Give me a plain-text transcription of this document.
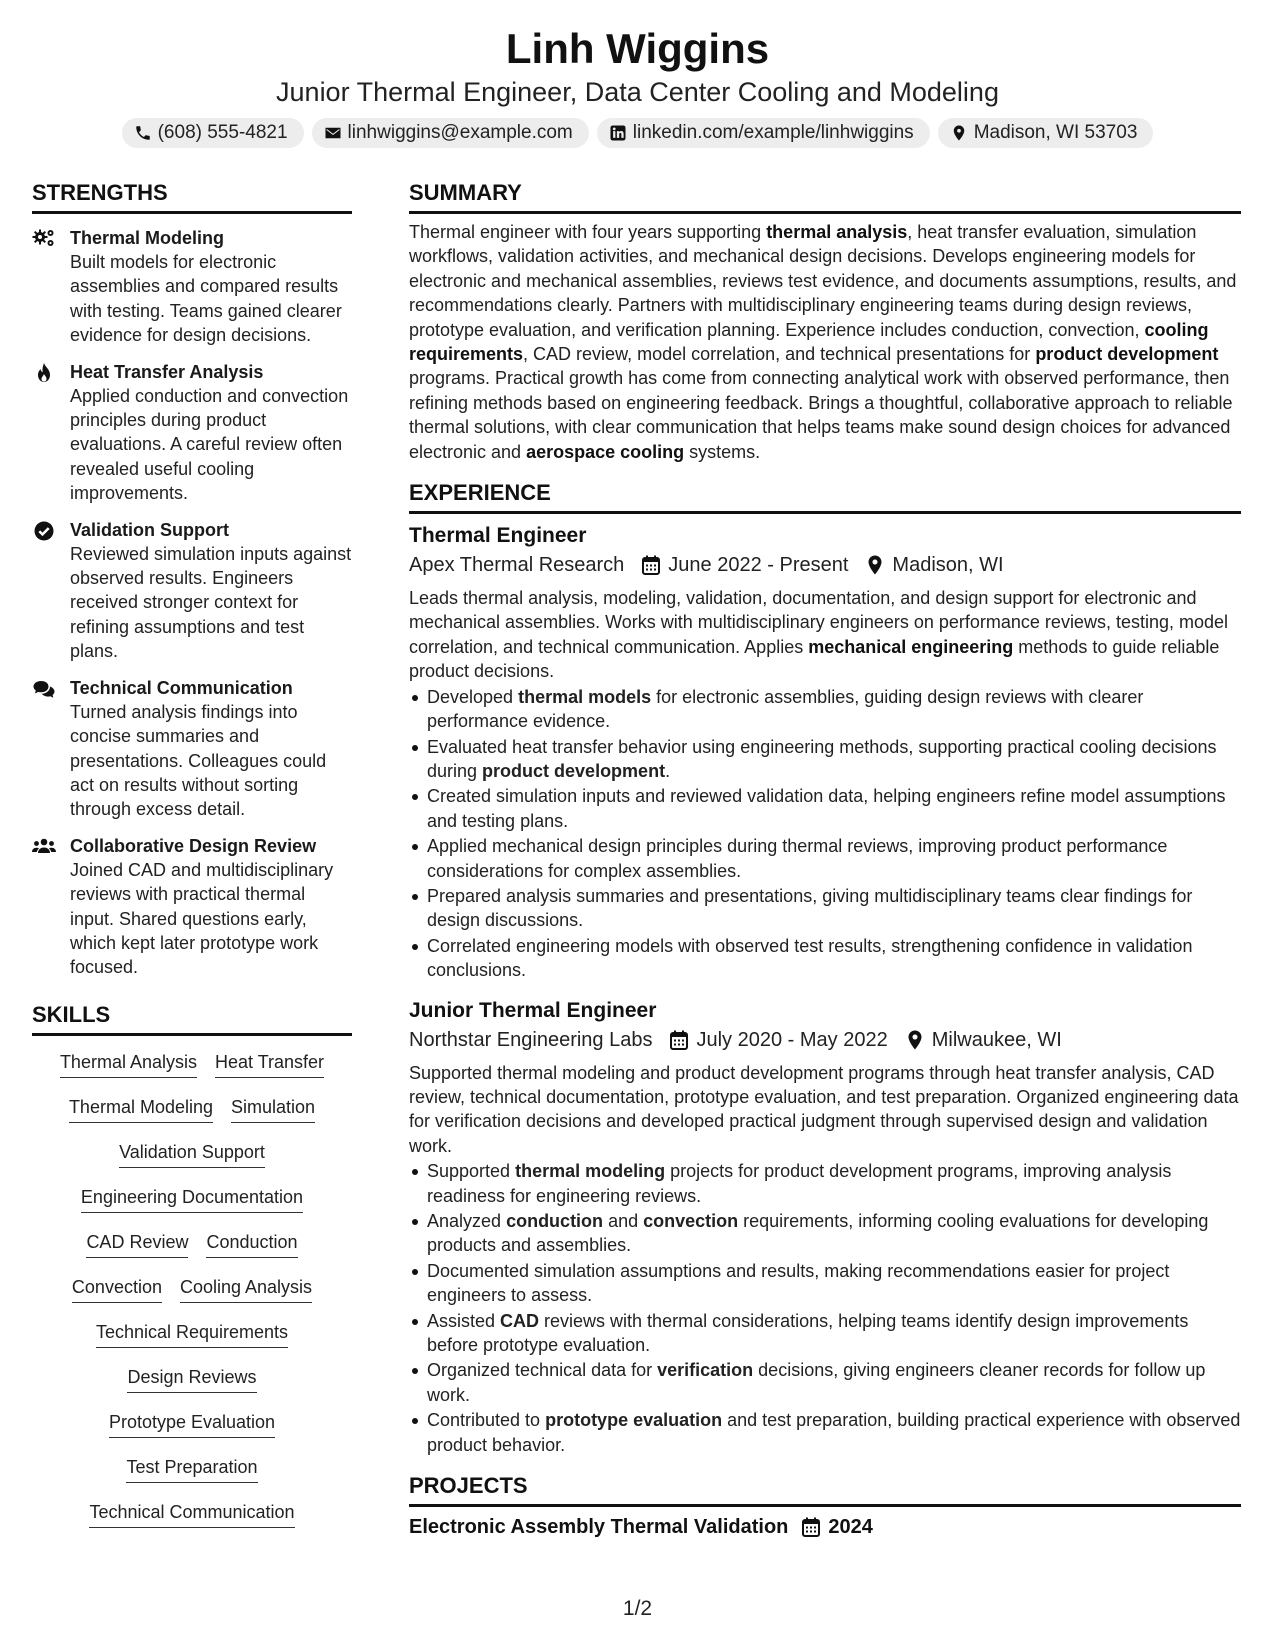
Linh Wiggins
Junior Thermal Engineer, Data Center Cooling and Modeling
(608) 555-4821	linhwiggins@example.com	linkedin.com/example/linhwiggins	Madison, WI 53703
STRENGTHS
Thermal Modeling
Built models for electronic assemblies and compared results with testing. Teams gained clearer evidence for design decisions.
Heat Transfer Analysis
Applied conduction and convection principles during product evaluations. A careful review often revealed useful cooling improvements.
Validation Support
Reviewed simulation inputs against observed results. Engineers received stronger context for refining assumptions and test plans.
Technical Communication
Turned analysis findings into concise summaries and presentations. Colleagues could act on results without sorting through excess detail.
Collaborative Design Review
Joined CAD and multidisciplinary reviews with practical thermal input. Shared questions early, which kept later prototype work focused.
SKILLS
Thermal Analysis Heat Transfer
Thermal Modeling Simulation
Validation Support
Engineering Documentation
CAD Review Conduction
Convection Cooling Analysis
Technical Requirements
Design Reviews
Prototype Evaluation
Test Preparation
Technical Communication
SUMMARY
Thermal engineer with four years supporting thermal analysis, heat transfer evaluation, simulation workflows, validation activities, and mechanical design decisions. Develops engineering models for electronic and mechanical assemblies, reviews test evidence, and documents assumptions, results, and recommendations clearly. Partners with multidisciplinary engineering teams during design reviews, prototype evaluation, and verification planning. Experience includes conduction, convection, cooling requirements, CAD review, model correlation, and technical presentations for product development programs. Practical growth has come from connecting analytical work with observed performance, then refining methods based on engineering feedback. Brings a thoughtful, collaborative approach to reliable thermal solutions, with clear communication that helps teams make sound design choices for advanced electronic and aerospace cooling systems.
EXPERIENCE
Thermal Engineer
Apex Thermal Research June 2022 - Present Madison, WI
Leads thermal analysis, modeling, validation, documentation, and design support for electronic and mechanical assemblies. Works with multidisciplinary engineers on performance reviews, testing, model correlation, and technical communication. Applies mechanical engineering methods to guide reliable product decisions.
Developed thermal models for electronic assemblies, guiding design reviews with clearer performance evidence.
Evaluated heat transfer behavior using engineering methods, supporting practical cooling decisions during product development.
Created simulation inputs and reviewed validation data, helping engineers refine model assumptions and testing plans.
Applied mechanical design principles during thermal reviews, improving product performance considerations for complex assemblies.
Prepared analysis summaries and presentations, giving multidisciplinary teams clear findings for design discussions.
Correlated engineering models with observed test results, strengthening confidence in validation conclusions.
Junior Thermal Engineer
Northstar Engineering Labs July 2020 - May 2022 Milwaukee, WI
Supported thermal modeling and product development programs through heat transfer analysis, CAD review, technical documentation, prototype evaluation, and test preparation. Organized engineering data for verification decisions and developed practical judgment through supervised design and validation work.
Supported thermal modeling projects for product development programs, improving analysis readiness for engineering reviews.
Analyzed conduction and convection requirements, informing cooling evaluations for developing products and assemblies.
Documented simulation assumptions and results, making recommendations easier for project engineers to assess.
Assisted CAD reviews with thermal considerations, helping teams identify design improvements before prototype evaluation.
Organized technical data for verification decisions, giving engineers cleaner records for follow up work.
Contributed to prototype evaluation and test preparation, building practical experience with observed product behavior.
PROJECTS
Electronic Assembly Thermal Validation 2024
1/2
